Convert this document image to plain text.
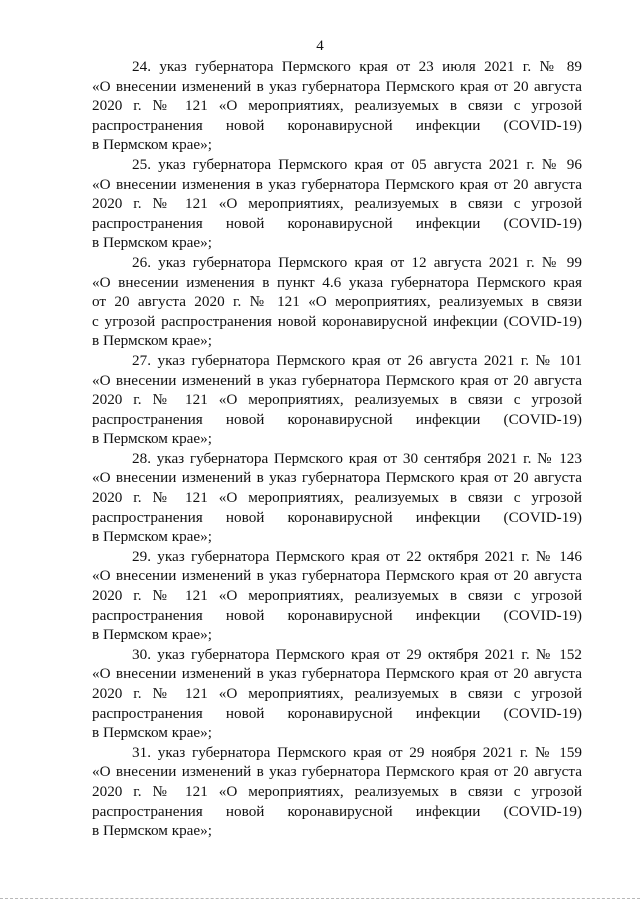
4
24. указ губернатора Пермского края от 23 июля 2021 г. № 89
«О внесении изменений в указ губернатора Пермского края от 20 августа
2020 г. № 121 «О мероприятиях, реализуемых в связи с угрозой
распространения новой коронавирусной инфекции (COVID-19)
в Пермском крае»;
25. указ губернатора Пермского края от 05 августа 2021 г. № 96
«О внесении изменения в указ губернатора Пермского края от 20 августа
2020 г. № 121 «О мероприятиях, реализуемых в связи с угрозой
распространения новой коронавирусной инфекции (COVID-19)
в Пермском крае»;
26. указ губернатора Пермского края от 12 августа 2021 г. № 99
«О внесении изменения в пункт 4.6 указа губернатора Пермского края
от 20 августа 2020 г. № 121 «О мероприятиях, реализуемых в связи
с угрозой распространения новой коронавирусной инфекции (COVID-19)
в Пермском крае»;
27. указ губернатора Пермского края от 26 августа 2021 г. № 101
«О внесении изменений в указ губернатора Пермского края от 20 августа
2020 г. № 121 «О мероприятиях, реализуемых в связи с угрозой
распространения новой коронавирусной инфекции (COVID-19)
в Пермском крае»;
28. указ губернатора Пермского края от 30 сентября 2021 г. № 123
«О внесении изменений в указ губернатора Пермского края от 20 августа
2020 г. № 121 «О мероприятиях, реализуемых в связи с угрозой
распространения новой коронавирусной инфекции (COVID-19)
в Пермском крае»;
29. указ губернатора Пермского края от 22 октября 2021 г. № 146
«О внесении изменений в указ губернатора Пермского края от 20 августа
2020 г. № 121 «О мероприятиях, реализуемых в связи с угрозой
распространения новой коронавирусной инфекции (COVID-19)
в Пермском крае»;
30. указ губернатора Пермского края от 29 октября 2021 г. № 152
«О внесении изменений в указ губернатора Пермского края от 20 августа
2020 г. № 121 «О мероприятиях, реализуемых в связи с угрозой
распространения новой коронавирусной инфекции (COVID-19)
в Пермском крае»;
31. указ губернатора Пермского края от 29 ноября 2021 г. № 159
«О внесении изменений в указ губернатора Пермского края от 20 августа
2020 г. № 121 «О мероприятиях, реализуемых в связи с угрозой
распространения новой коронавирусной инфекции (COVID-19)
в Пермском крае»;
